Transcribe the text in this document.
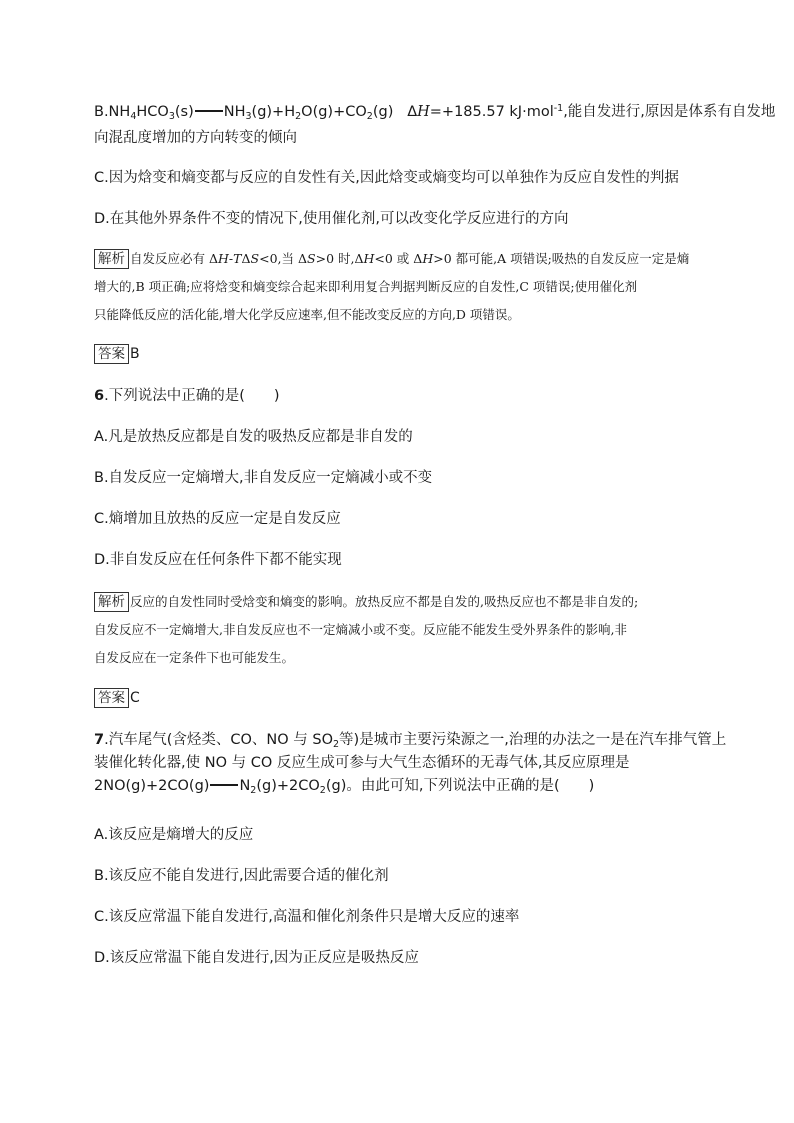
$B.NH_4HCO_3(s)$ $NH_3(g)+H_2O(g)+CO_2(g)$ ΔH=+185.57 kJ·mol$^{-1}$,能自发进行,原因是体系有自发地
向混乱度增加的方向转变的倾向
C.因为焓变和熵变都与反应的自发性有关,因此焓变或熵变均可以单独作为反应自发性的判据
D.在其他外界条件不变的情况下,使用催化剂,可以改变化学反应进行的方向
解析 自发反应必有 ΔH-TΔS<0,当 ΔS>0 时,ΔH<0 或 ΔH>0 都可能,A 项错误;吸热的自发反应一定是熵
增大的,B 项正确;应将焓变和熵变综合起来即利用复合判据判断反应的自发性,C 项错误;使用催化剂
只能降低反应的活化能,增大化学反应速率,但不能改变反应的方向,D 项错误。
答案 B
6.下列说法中正确的是(　　)
A.凡是放热反应都是自发的吸热反应都是非自发的
B.自发反应一定熵增大,非自发反应一定熵减小或不变
C.熵增加且放热的反应一定是自发反应
D.非自发反应在任何条件下都不能实现
解析 反应的自发性同时受焓变和熵变的影响。放热反应不都是自发的,吸热反应也不都是非自发的;
自发反应不一定熵增大,非自发反应也不一定熵减小或不变。反应能不能发生受外界条件的影响,非
自发反应在一定条件下也可能发生。
答案 C
7.汽车尾气(含烃类、CO、NO 与 $SO_2$等)是城市主要污染源之一,治理的办法之一是在汽车排气管上
装催化转化器,使 NO 与 CO 反应生成可参与大气生态循环的无毒气体,其反应原理是
2NO(g)+2CO(g) $N_2(g)+2CO_2(g)$。由此可知,下列说法中正确的是(　　)
A.该反应是熵增大的反应
B.该反应不能自发进行,因此需要合适的催化剂
C.该反应常温下能自发进行,高温和催化剂条件只是增大反应的速率
D.该反应常温下能自发进行,因为正反应是吸热反应
